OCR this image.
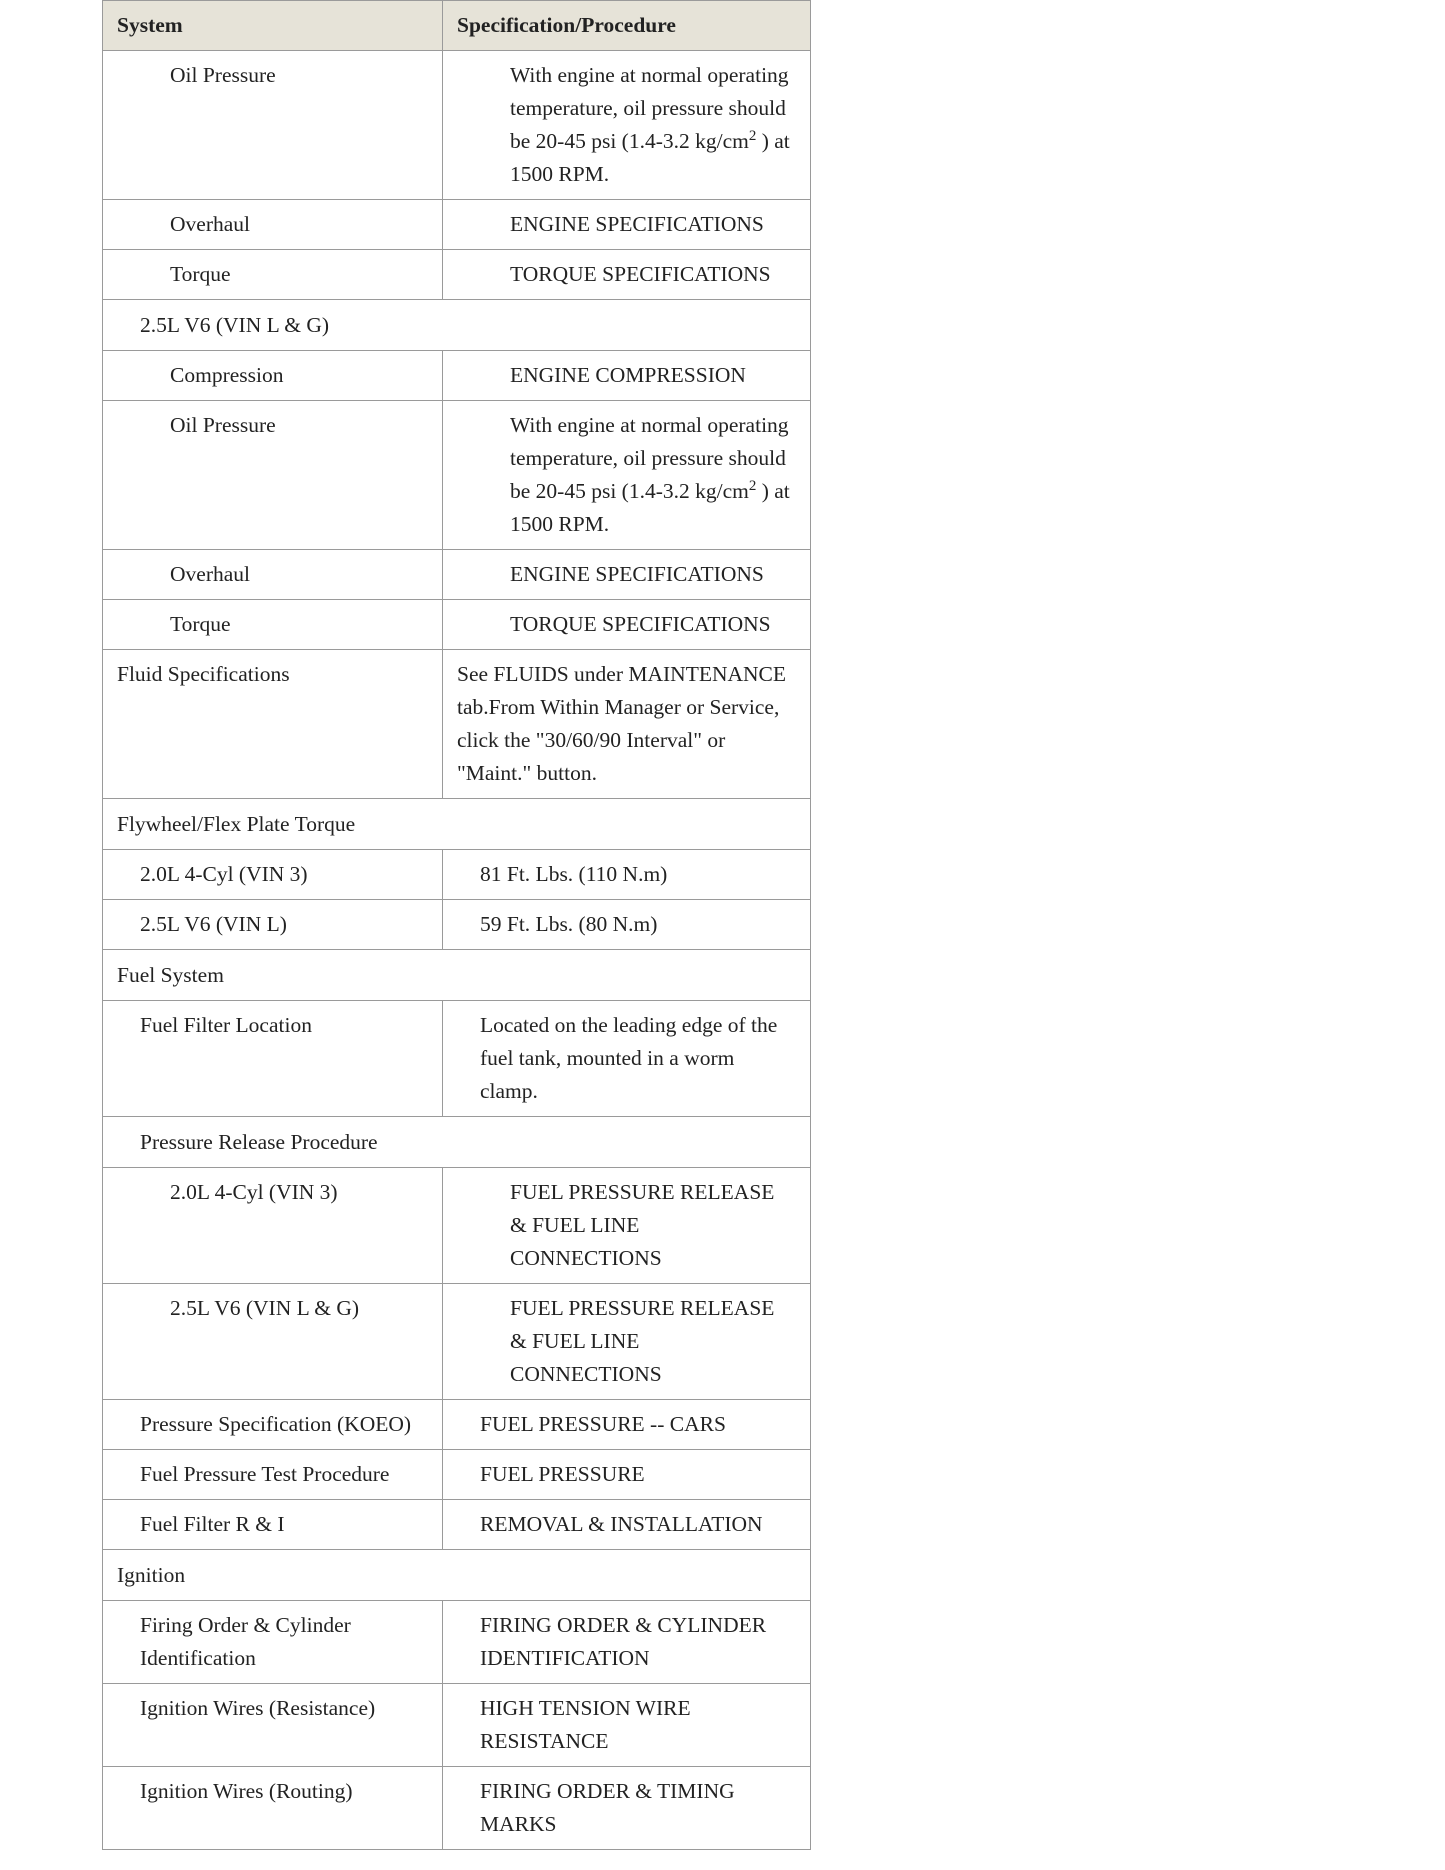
System	Specification/Procedure
Oil Pressure	With engine at normal operating temperature, oil pressure should be 20-45 psi (1.4-3.2 $kg/cm^2$ ) at 1500 RPM.
Overhaul	ENGINE SPECIFICATIONS
Torque	TORQUE SPECIFICATIONS
2.5L V6 (VIN L & G)	
Compression	ENGINE COMPRESSION
Oil Pressure	With engine at normal operating temperature, oil pressure should be 20-45 psi (1.4-3.2 $kg/cm^2$ ) at 1500 RPM.
Overhaul	ENGINE SPECIFICATIONS
Torque	TORQUE SPECIFICATIONS
Fluid Specifications	See FLUIDS under MAINTENANCE tab.From Within Manager or Service, click the "30/60/90 Interval" or "Maint." button.
Flywheel/Flex Plate Torque	
2.0L 4-Cyl (VIN 3)	81 Ft. Lbs. (110 N.m)
2.5L V6 (VIN L)	59 Ft. Lbs. (80 N.m)
Fuel System	
Fuel Filter Location	Located on the leading edge of the fuel tank, mounted in a worm clamp.
Pressure Release Procedure	
2.0L 4-Cyl (VIN 3)	FUEL PRESSURE RELEASE & FUEL LINE CONNECTIONS
2.5L V6 (VIN L & G)	FUEL PRESSURE RELEASE & FUEL LINE CONNECTIONS
Pressure Specification (KOEO)	FUEL PRESSURE -- CARS
Fuel Pressure Test Procedure	FUEL PRESSURE
Fuel Filter R & I	REMOVAL & INSTALLATION
Ignition	
Firing Order & Cylinder Identification	FIRING ORDER & CYLINDER IDENTIFICATION
Ignition Wires (Resistance)	HIGH TENSION WIRE RESISTANCE
Ignition Wires (Routing)	FIRING ORDER & TIMING MARKS
